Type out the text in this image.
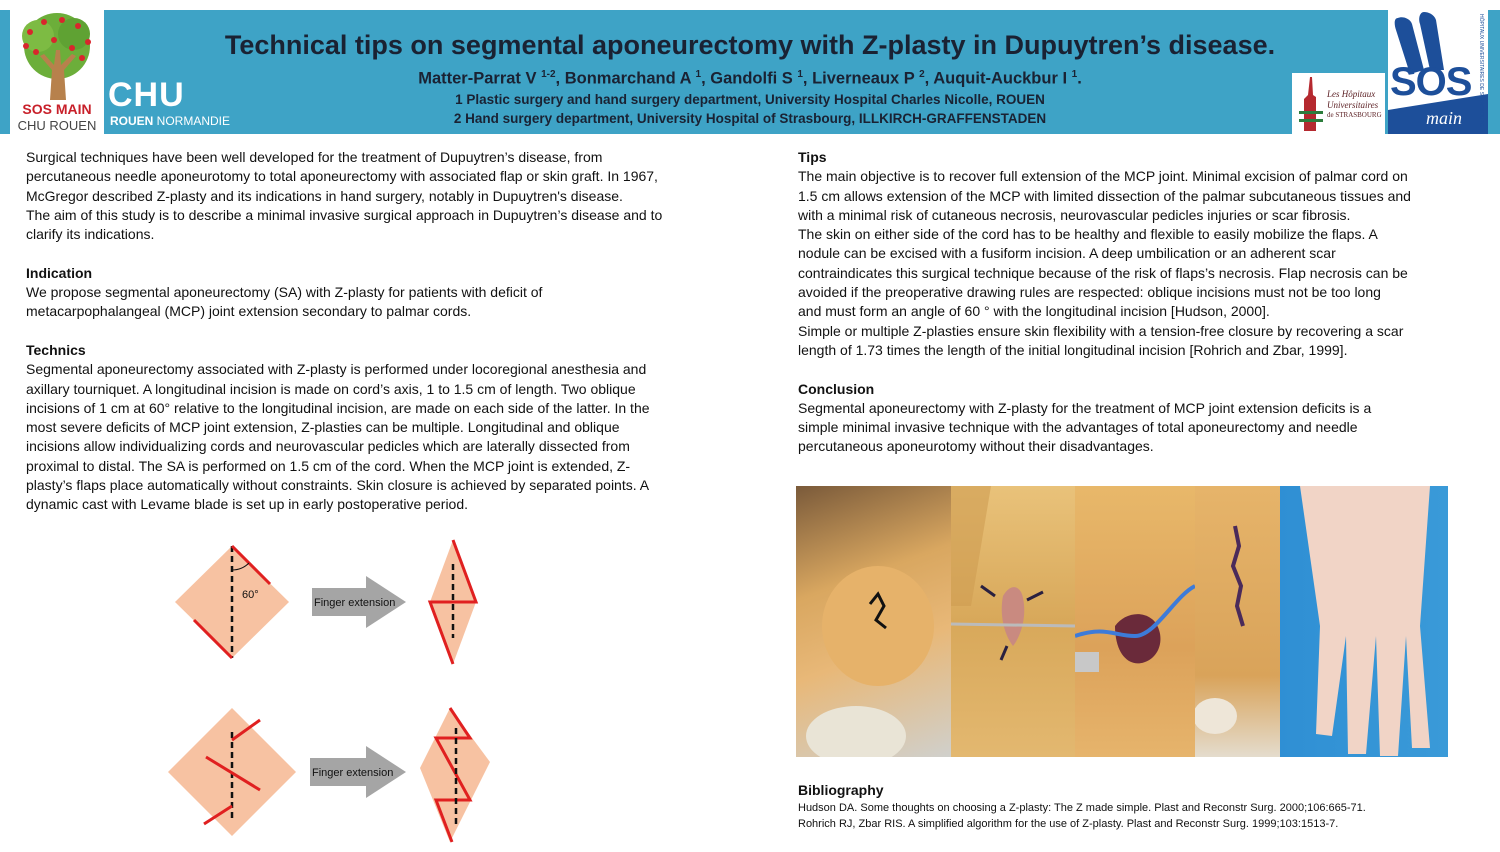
SOS MAIN
CHU ROUEN
CHU
ROUEN NORMANDIE
Technical tips on segmental aponeurectomy with Z-plasty in Dupuytren’s disease.
Matter-Parrat V $^{1-2}$, Bonmarchand A $^1$, Gandolfi S $^1$, Liverneaux P $^2$, Auquit-Auckbur I $^1$.
1 Plastic surgery and hand surgery department, University Hospital Charles Nicolle, ROUEN
2 Hand surgery department, University Hospital of Strasbourg, ILLKIRCH-GRAFFENSTADEN
Les Hôpitaux
Universitaires
de STRASBOURG
SOS
main	HÔPITAUX UNIVERSITAIRES DE STRASBOURG

Surgical techniques have been well developed for the treatment of Dupuytren’s disease, from

percutaneous needle aponeurotomy to total aponeurectomy with associated flap or skin graft. In 1967,

McGregor described Z-plasty and its indications in hand surgery, notably in Dupuytren's disease.

The aim of this study is to describe a minimal invasive surgical approach in Dupuytren’s disease and to

clarify its indications.

Indication

We propose segmental aponeurectomy (SA) with Z-plasty for patients with deficit of

metacarpophalangeal (MCP) joint extension secondary to palmar cords.

Technics

Segmental aponeurectomy associated with Z-plasty is performed under locoregional anesthesia and

axillary tourniquet. A longitudinal incision is made on cord’s axis, 1 to 1.5 cm of length. Two oblique

incisions of 1 cm at 60° relative to the longitudinal incision, are made on each side of the latter. In the

most severe deficits of MCP joint extension, Z-plasties can be multiple. Longitudinal and oblique

incisions allow individualizing cords and neurovascular pedicles which are laterally dissected from

proximal to distal. The SA is performed on 1.5 cm of the cord. When the MCP joint is extended, Z-

plasty’s flaps place automatically without constraints. Skin closure is achieved by separated points. A

dynamic cast with Levame blade is set up in early postoperative period.

60°
Finger extension
Finger extension
Tips

The main objective is to recover full extension of the MCP joint. Minimal excision of palmar cord on

1.5 cm allows extension of the MCP with limited dissection of the palmar subcutaneous tissues and

with a minimal risk of cutaneous necrosis, neurovascular pedicles injuries or scar fibrosis.

The skin on either side of the cord has to be healthy and flexible to easily mobilize the flaps. A

nodule can be excised with a fusiform incision. A deep umbilication or an adherent scar

contraindicates this surgical technique because of the risk of flaps’s necrosis. Flap necrosis can be

avoided if the preoperative drawing rules are respected: oblique incisions must not be too long

and must form an angle of 60 ° with the longitudinal incision [Hudson, 2000].

Simple or multiple Z-plasties ensure skin flexibility with a tension-free closure by recovering a scar

length of 1.73 times the length of the initial longitudinal incision [Rohrich and Zbar, 1999].

Conclusion

Segmental aponeurectomy with Z-plasty for the treatment of MCP joint extension deficits is a

simple minimal invasive technique with the advantages of total aponeurectomy and needle

percutaneous aponeurotomy without their disadvantages.

Bibliography

Hudson DA. Some thoughts on choosing a Z-plasty: The Z made simple. Plast and Reconstr Surg. 2000;106:665-71.

Rohrich RJ, Zbar RIS. A simplified algorithm for the use of Z-plasty. Plast and Reconstr Surg. 1999;103:1513-7.
